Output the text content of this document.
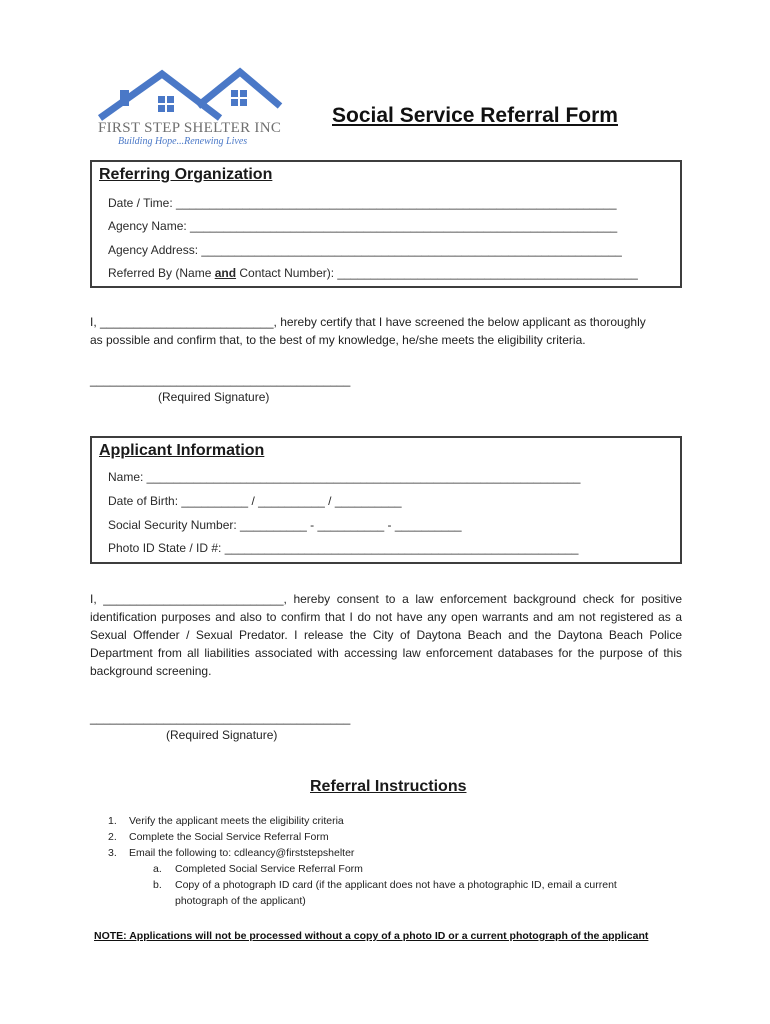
FIRST STEP SHELTER INC
Building Hope...Renewing Lives
Social Service Referral Form
Referring Organization
Date / Time: __________________________________________________________________
Agency Name: ________________________________________________________________
Agency Address: _______________________________________________________________
Referred By (Name and Contact Number): _____________________________________________

I, __________________________, hereby certify that I have screened the below applicant as thoroughly

as possible and confirm that, to the best of my knowledge, he/she meets the eligibility criteria.

_______________________________________
(Required Signature)
Applicant Information
Name: _________________________________________________________________
Date of Birth: __________ / __________ / __________
Social Security Number: __________ - __________ - __________
Photo ID State / ID #: _____________________________________________________

I, ___________________________, hereby consent to a law enforcement background check for positive identification purposes and also to confirm that I do not have any open warrants and am not registered as a Sexual Offender / Sexual Predator. I release the City of Daytona Beach and the Daytona Beach Police Department from all liabilities associated with accessing law enforcement databases for the purpose of this background screening.

_______________________________________
(Required Signature)
Referral Instructions
1. Verify the applicant meets the eligibility criteria
2. Complete the Social Service Referral Form
3. Email the following to: cdleancy@firststepshelter
a. Completed Social Service Referral Form
b. Copy of a photograph ID card (if the applicant does not have a photographic ID, email a current
photograph of the applicant)
NOTE: Applications will not be processed without a copy of a photo ID or a current photograph of the applicant
